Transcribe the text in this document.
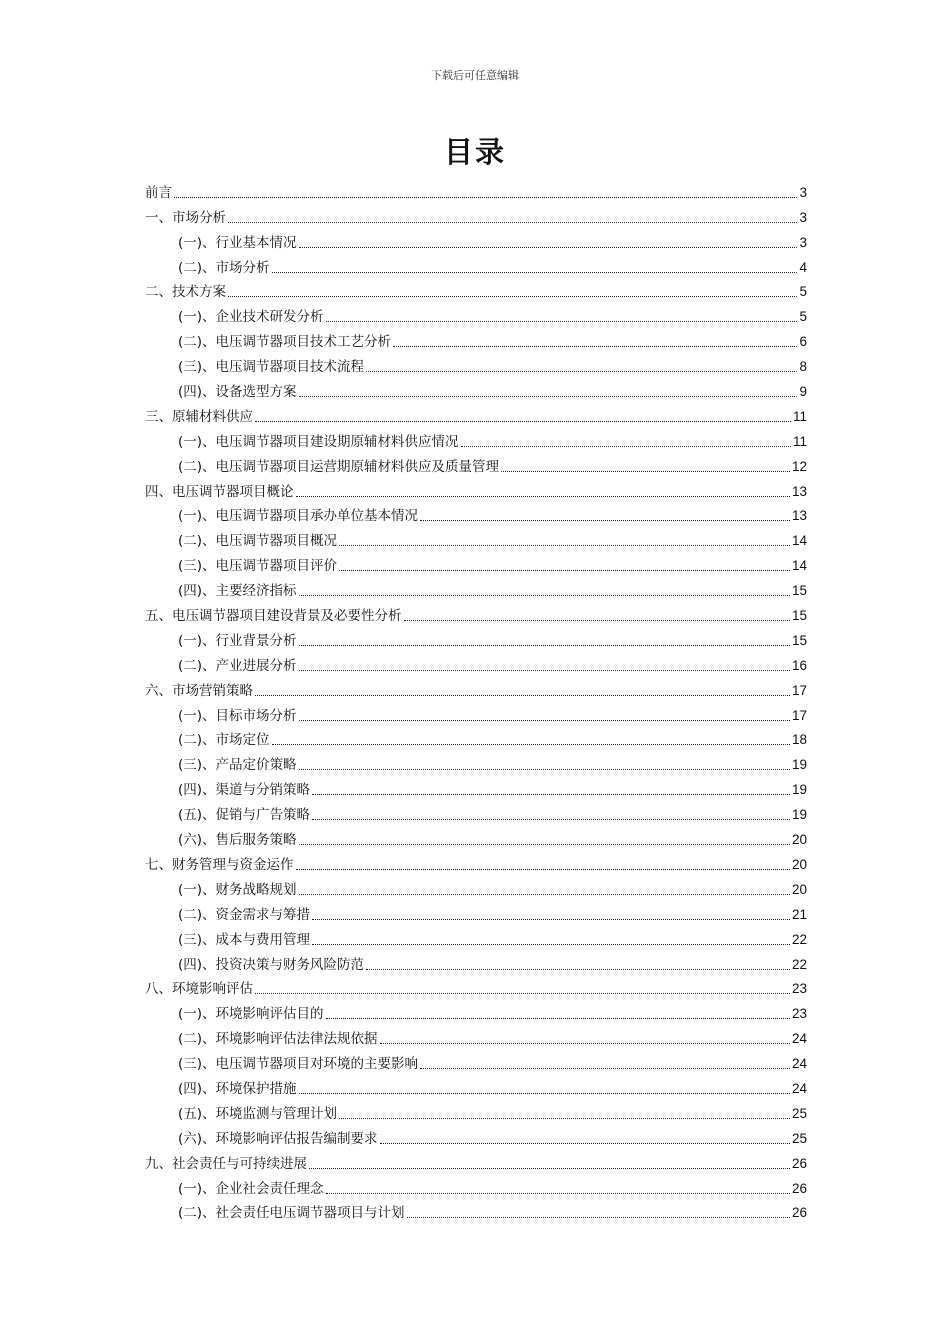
下载后可任意编辑
目录
前言	3
一、市场分析	3
(一)、行业基本情况	3
(二)、市场分析	4
二、技术方案	5
(一)、企业技术研发分析	5
(二)、电压调节器项目技术工艺分析	6
(三)、电压调节器项目技术流程	8
(四)、设备选型方案	9
三、原辅材料供应	11
(一)、电压调节器项目建设期原辅材料供应情况	11
(二)、电压调节器项目运营期原辅材料供应及质量管理	12
四、电压调节器项目概论	13
(一)、电压调节器项目承办单位基本情况	13
(二)、电压调节器项目概况	14
(三)、电压调节器项目评价	14
(四)、主要经济指标	15
五、电压调节器项目建设背景及必要性分析	15
(一)、行业背景分析	15
(二)、产业进展分析	16
六、市场营销策略	17
(一)、目标市场分析	17
(二)、市场定位	18
(三)、产品定价策略	19
(四)、渠道与分销策略	19
(五)、促销与广告策略	19
(六)、售后服务策略	20
七、财务管理与资金运作	20
(一)、财务战略规划	20
(二)、资金需求与筹措	21
(三)、成本与费用管理	22
(四)、投资决策与财务风险防范	22
八、环境影响评估	23
(一)、环境影响评估目的	23
(二)、环境影响评估法律法规依据	24
(三)、电压调节器项目对环境的主要影响	24
(四)、环境保护措施	24
(五)、环境监测与管理计划	25
(六)、环境影响评估报告编制要求	25
九、社会责任与可持续进展	26
(一)、企业社会责任理念	26
(二)、社会责任电压调节器项目与计划	26
